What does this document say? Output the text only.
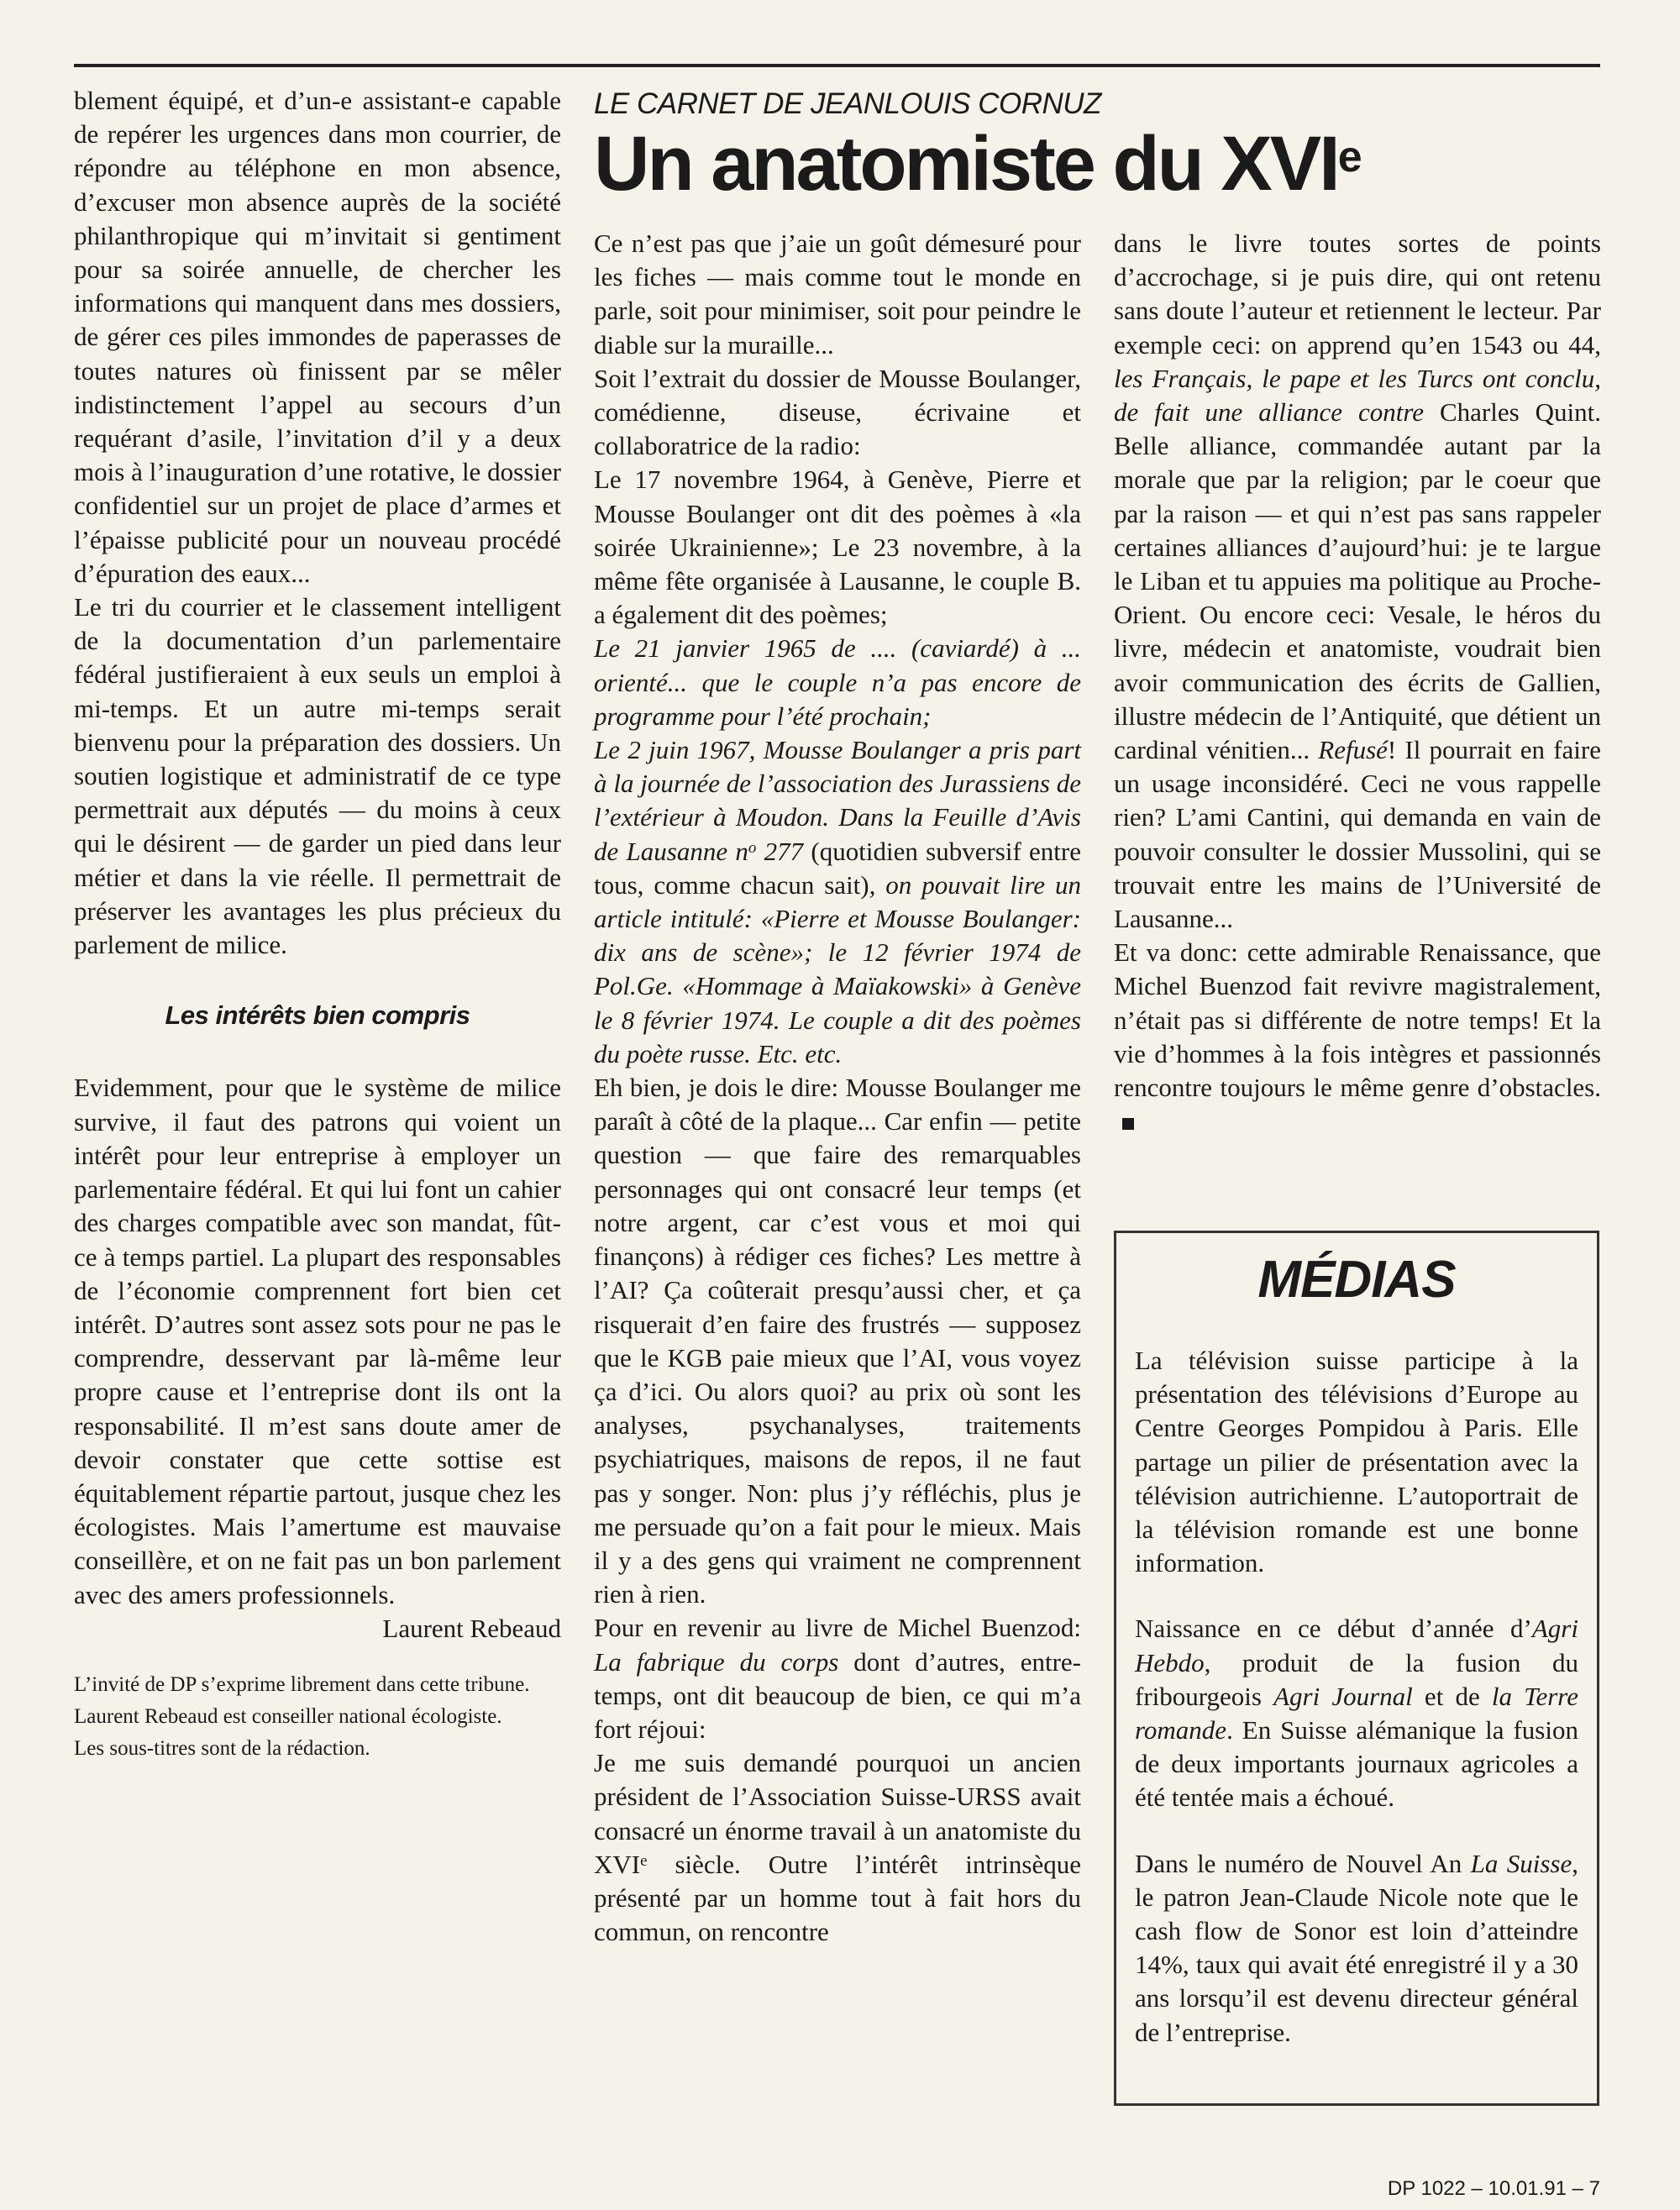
blement équipé, et d’un-e assistant-e capable de repérer les urgences dans mon courrier, de répondre au téléphone en mon absence, d’excuser mon absence auprès de la société philanthropique qui m’invitait si gentiment pour sa soirée annuelle, de chercher les informations qui manquent dans mes dossiers, de gérer ces piles immondes de paperasses de toutes natures où finissent par se mêler indistinctement l’appel au secours d’un requérant d’asile, l’invitation d’il y a deux mois à l’inauguration d’une rotative, le dossier confidentiel sur un projet de place d’armes et l’épaisse publicité pour un nouveau procédé d’épuration des eaux...

Le tri du courrier et le classement intelligent de la documentation d’un parlementaire fédéral justifieraient à eux seuls un emploi à mi-temps. Et un autre mi-temps serait bienvenu pour la préparation des dossiers. Un soutien logistique et administratif de ce type permettrait aux députés — du moins à ceux qui le désirent — de garder un pied dans leur métier et dans la vie réelle. Il permettrait de préserver les avantages les plus précieux du parlement de milice.

Les intérêts bien compris

Evidemment, pour que le système de milice survive, il faut des patrons qui voient un intérêt pour leur entreprise à employer un parlementaire fédéral. Et qui lui font un cahier des charges compatible avec son mandat, fût-ce à temps partiel. La plupart des responsables de l’économie comprennent fort bien cet intérêt. D’autres sont assez sots pour ne pas le comprendre, desservant par là-même leur propre cause et l’entreprise dont ils ont la responsabilité. Il m’est sans doute amer de devoir constater que cette sottise est équitablement répartie partout, jusque chez les écologistes. Mais l’amertume est mauvaise conseillère, et on ne fait pas un bon parlement avec des amers professionnels.

Laurent Rebeaud

L’invité de DP s’exprime librement dans cette tribune. Laurent Rebeaud est conseiller national écologiste.

Les sous-titres sont de la rédaction.

LE CARNET DE JEANLOUIS CORNUZ
Un anatomiste du XVIe

Ce n’est pas que j’aie un goût démesuré pour les fiches — mais comme tout le monde en parle, soit pour minimiser, soit pour peindre le diable sur la muraille...

Soit l’extrait du dossier de Mousse Boulanger, comédienne, diseuse, écrivaine et collaboratrice de la radio:

Le 17 novembre 1964, à Genève, Pierre et Mousse Boulanger ont dit des poèmes à «la soirée Ukrainienne»; Le 23 novembre, à la même fête organisée à Lausanne, le couple B. a également dit des poèmes;

Le 21 janvier 1965 de .... (caviardé) à ... orienté... que le couple n’a pas encore de programme pour l’été prochain;

Le 2 juin 1967, Mousse Boulanger a pris part à la journée de l’association des Jurassiens de l’extérieur à Moudon. Dans la Feuille d’Avis de Lausanne $n^o$ 277 (quotidien subversif entre tous, comme chacun sait), on pouvait lire un article intitulé: «Pierre et Mousse Boulanger: dix ans de scène»; le 12 février 1974 de Pol.Ge. «Hommage à Maïakowski» à Genève le 8 février 1974. Le couple a dit des poèmes du poète russe. Etc. etc.

Eh bien, je dois le dire: Mousse Boulanger me paraît à côté de la plaque... Car enfin — petite question — que faire des remarquables personnages qui ont consacré leur temps (et notre argent, car c’est vous et moi qui finançons) à rédiger ces fiches? Les mettre à l’AI? Ça coûterait presqu’aussi cher, et ça risquerait d’en faire des frustrés — supposez que le KGB paie mieux que l’AI, vous voyez ça d’ici. Ou alors quoi? au prix où sont les analyses, psychanalyses, traitements psychiatriques, maisons de repos, il ne faut pas y songer. Non: plus j’y réfléchis, plus je me persuade qu’on a fait pour le mieux. Mais il y a des gens qui vraiment ne comprennent rien à rien.

Pour en revenir au livre de Michel Buenzod: La fabrique du corps dont d’autres, entre-temps, ont dit beaucoup de bien, ce qui m’a fort réjoui:

Je me suis demandé pourquoi un ancien président de l’Association Suisse-URSS avait consacré un énorme travail à un anatomiste du XVIe siècle. Outre l’intérêt intrinsèque présenté par un homme tout à fait hors du commun, on rencontre

dans le livre toutes sortes de points d’accrochage, si je puis dire, qui ont retenu sans doute l’auteur et retiennent le lecteur. Par exemple ceci: on apprend qu’en 1543 ou 44, les Français, le pape et les Turcs ont conclu, de fait une alliance contre Charles Quint. Belle alliance, commandée autant par la morale que par la religion; par le coeur que par la raison — et qui n’est pas sans rappeler certaines alliances d’aujourd’hui: je te largue le Liban et tu appuies ma politique au Proche-Orient. Ou encore ceci: Vesale, le héros du livre, médecin et anatomiste, voudrait bien avoir communication des écrits de Gallien, illustre médecin de l’Antiquité, que détient un cardinal vénitien... Refusé! Il pourrait en faire un usage inconsidéré. Ceci ne vous rappelle rien? L’ami Cantini, qui demanda en vain de pouvoir consulter le dossier Mussolini, qui se trouvait entre les mains de l’Université de Lausanne...

Et va donc: cette admirable Renaissance, que Michel Buenzod fait revivre magistralement, n’était pas si différente de notre temps! Et la vie d’hommes à la fois intègres et passionnés rencontre toujours le même genre d’obstacles.

MÉDIAS

La télévision suisse participe à la présentation des télévisions d’Europe au Centre Georges Pompidou à Paris. Elle partage un pilier de présentation avec la télévision autrichienne. L’autoportrait de la télévision romande est une bonne information.

Naissance en ce début d’année d’Agri Hebdo, produit de la fusion du fribourgeois Agri Journal et de la Terre romande. En Suisse alémanique la fusion de deux importants journaux agricoles a été tentée mais a échoué.

Dans le numéro de Nouvel An La Suisse, le patron Jean-Claude Nicole note que le cash flow de Sonor est loin d’atteindre 14%, taux qui avait été enregistré il y a 30 ans lorsqu’il est devenu directeur général de l’entreprise.

DP 1022 – 10.01.91 – 7
